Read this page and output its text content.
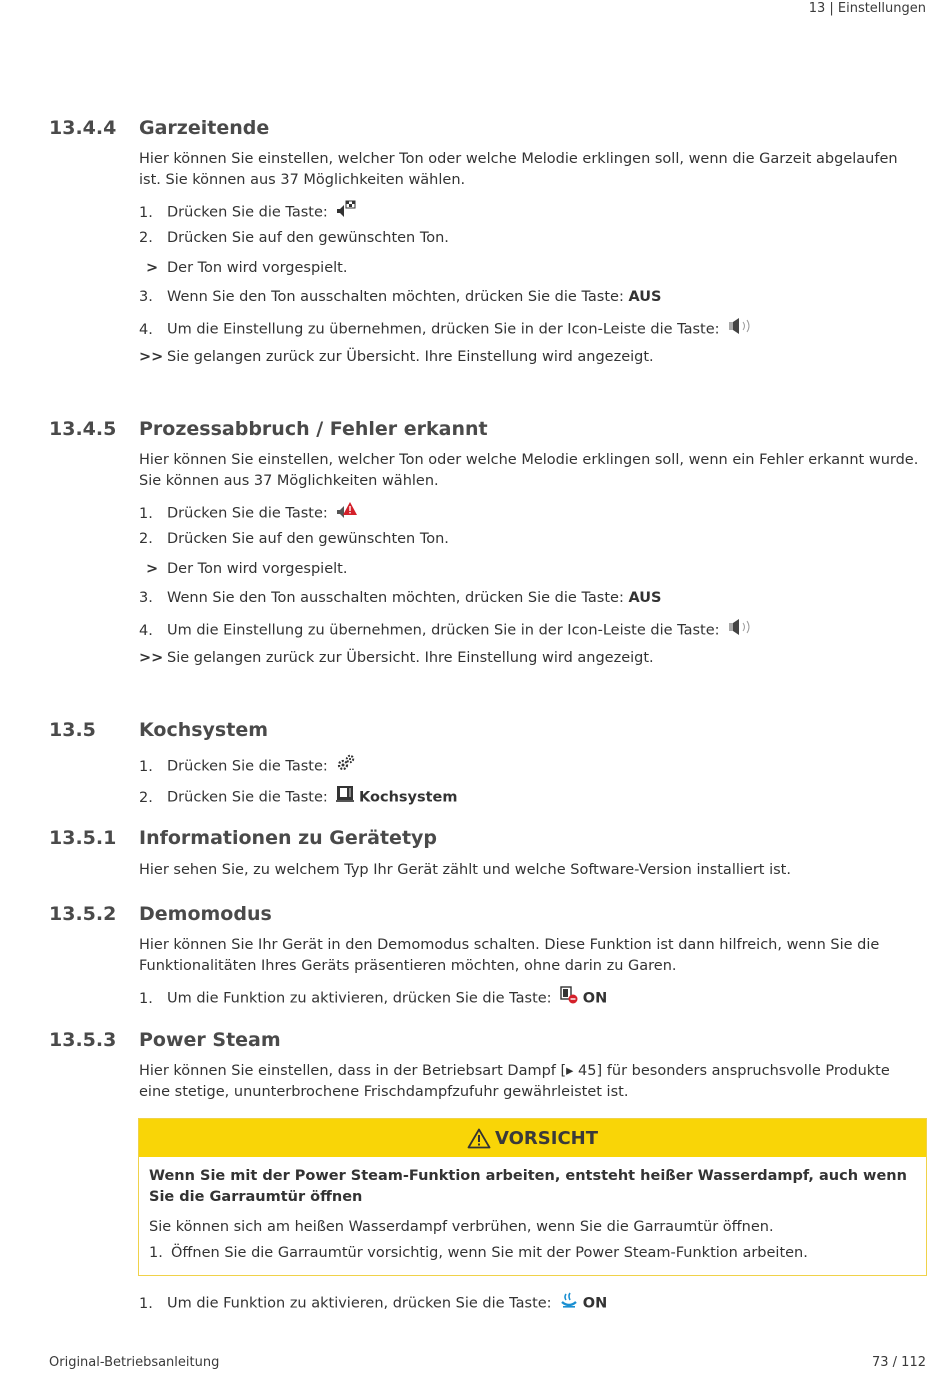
13 | Einstellungen
13.4.4 Garzeitende
Hier können Sie einstellen, welcher Ton oder welche Melodie erklingen soll, wenn die Garzeit abgelaufen ist. Sie können aus 37 Möglichkeiten wählen.
1. Drücken Sie die Taste:
2. Drücken Sie auf den gewünschten Ton.
> Der Ton wird vorgespielt.
3. Wenn Sie den Ton ausschalten möchten, drücken Sie die Taste: AUS
4. Um die Einstellung zu übernehmen, drücken Sie in der Icon-Leiste die Taste:
>> Sie gelangen zurück zur Übersicht. Ihre Einstellung wird angezeigt.
13.4.5 Prozessabbruch / Fehler erkannt
Hier können Sie einstellen, welcher Ton oder welche Melodie erklingen soll, wenn ein Fehler erkannt wurde. Sie können aus 37 Möglichkeiten wählen.
1. Drücken Sie die Taste:
2. Drücken Sie auf den gewünschten Ton.
> Der Ton wird vorgespielt.
3. Wenn Sie den Ton ausschalten möchten, drücken Sie die Taste: AUS
4. Um die Einstellung zu übernehmen, drücken Sie in der Icon-Leiste die Taste:
>> Sie gelangen zurück zur Übersicht. Ihre Einstellung wird angezeigt.
13.5 Kochsystem
1. Drücken Sie die Taste:
2. Drücken Sie die Taste: Kochsystem
13.5.1 Informationen zu Gerätetyp
Hier sehen Sie, zu welchem Typ Ihr Gerät zählt und welche Software-Version installiert ist.
13.5.2 Demomodus
Hier können Sie Ihr Gerät in den Demomodus schalten. Diese Funktion ist dann hilfreich, wenn Sie die Funktionalitäten Ihres Geräts präsentieren möchten, ohne darin zu Garen.
1. Um die Funktion zu aktivieren, drücken Sie die Taste: ON
13.5.3 Power Steam
Hier können Sie einstellen, dass in der Betriebsart Dampf [▸ 45] für besonders anspruchsvolle Produkte eine stetige, ununterbrochene Frischdampfzufuhr gewährleistet ist.
VORSICHT
Wenn Sie mit der Power Steam-Funktion arbeiten, entsteht heißer Wasserdampf, auch wenn Sie die Garraumtür öffnen
Sie können sich am heißen Wasserdampf verbrühen, wenn Sie die Garraumtür öffnen.
1. Öffnen Sie die Garraumtür vorsichtig, wenn Sie mit der Power Steam-Funktion arbeiten.
1. Um die Funktion zu aktivieren, drücken Sie die Taste: ON
Original-Betriebsanleitung	73 / 112
